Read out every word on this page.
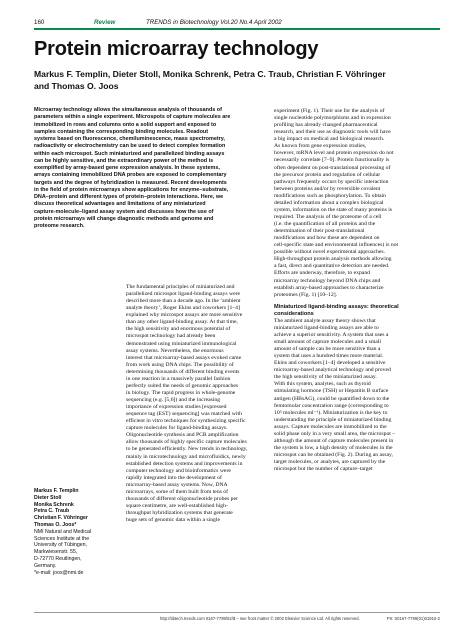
160	Review	TRENDS in Biotechnology Vol.20 No.4 April 2002
Protein microarray technology
Markus F. Templin, Dieter Stoll, Monika Schrenk, Petra C. Traub, Christian F. Vöhringer
and Thomas O. Joos
Microarray technology allows the simultaneous analysis of thousands of
parameters within a single experiment. Microspots of capture molecules are
immobilized in rows and columns onto a solid support and exposed to
samples containing the corresponding binding molecules. Readout
systems based on fluorescence, chemiluminescence, mass spectrometry,
radioactivity or electrochemistry can be used to detect complex formation
within each microspot. Such miniaturized and parallelized binding assays
can be highly sensitive, and the extraordinary power of the method is
exemplified by array-based gene expression analysis. In these systems,
arrays containing immobilized DNA probes are exposed to complementary
targets and the degree of hybridization is measured. Recent developments
in the field of protein microarrays show applications for enzyme–substrate,
DNA–protein and different types of protein–protein interactions. Here, we
discuss theoretical advantages and limitations of any miniaturized
capture-molecule–ligand assay system and discusses how the use of
protein microarrays will change diagnostic methods and genome and
proteome research.
The fundamental principles of miniaturized and
parallelized microspot ligand-binding assays were
described more than a decade ago. In the ‘ambient
analyte theory’, Roger Ekins and coworkers [1–4]
explained why microspot assays are more sensitive
than any other ligand-binding assay. At that time,
the high sensitivity and enormous potential of
microspot technology had already been
demonstrated using miniaturized immunological
assay systems. Nevertheless, the enormous
interest that microarray-based assays evoked came
from work using DNA chips. The possibility of
determining thousands of different binding events
in one reaction in a massively parallel fashion
perfectly suited the needs of genomic approaches
in biology. The rapid progress in whole-genome
sequencing (e.g. [5,6]) and the increasing
importance of expression studies [expressed
sequence tag (EST) sequencing] was matched with
efficient in vitro techniques for synthesizing specific
capture molecules for ligand-binding assays.
Oligonucleotide synthesis and PCR amplification
allow thousands of highly specific capture molecules
to be generated efficiently. New trends in technology,
mainly in microtechnology and microfluidics, newly
established detection systems and improvements in
computer technology and bioinformatics were
rapidly integrated into the development of
microarray-based assay systems. Now, DNA
microarrays, some of them built from tens of
thousands of different oligonucleotide probes per
square centimetre, are well-established high-
throughput hybridization systems that generate
huge sets of genomic data within a single
experiment (Fig. 1). Their use for the analysis of
single nucleotide polymorphisms and in expression
profiling has already changed pharmaceutical
research, and their use as diagnostic tools will have
a big impact on medical and biological research.
As known from gene expression studies,
however, mRNA level and protein expression do not
necessarily correlate [7–9]. Protein functionality is
often dependent on post-translational processing of
the precursor protein and regulation of cellular
pathways frequently occurs by specific interaction
between proteins and/or by reversible covalent
modifications such as phosphorylation. To obtain
detailed information about a complex biological
system, information on the state of many proteins is
required. The analysis of the proteome of a cell
(i.e. the quantification of all proteins and the
determination of their post-translational
modifications and how these are dependent on
cell-specific state and environmental influences) is not
possible without novel experimental approaches.
High-throughput protein analysis methods allowing
a fast, direct and quantitative detection are needed.
Efforts are underway, therefore, to expand
microarray technology beyond DNA chips and
establish array-based approaches to characterize
proteomes (Fig. 1) [10–12].
Miniaturized ligand-binding assays: theoretical
considerations
The ambient analyte assay theory shows that
miniaturized ligand-binding assays are able to
achieve a superior sensitivity. A system that uses a
small amount of capture molecules and a small
amount of sample can be more sensitive than a
system that uses a hundred times more material.
Ekins and coworkers [1–4] developed a sensitive
microarray-based analytical technology and proved
the high sensitivity of the miniaturized assay.
With this system, analytes, such as thyroid
stimulating hormone (TSH) or Hepatitis B surface
antigen (HBsAG), could be quantified down to the
femtomolar concentration range (corresponding to
10⁵ molecules ml⁻¹). Miniaturization is the key to
understanding the principle of miniaturized binding
assays. Capture molecules are immobilized to the
solid phase only in a very small area, the microspot –
although the amount of capture molecules present in
the system is low, a high density of molecules in the
microspot can be obtained (Fig. 2). During an assay,
target molecules, or analytes, are captured by the
microspot but the number of capture–target
Markus F. Templin
Dieter Stoll
Monika Schrenk
Petra C. Traub
Christian F. Vöhringer
Thomas O. Joos*
NMI Natural and Medical
Sciences Institute at the
University of Tübingen,
Markwiesenstr. 55,
D-72770 Reutlingen,
Germany.
*e-mail: joos@nmi.de
http://tibtech.trends.com 0167-7799/02/$ – see front matter © 2002 Elsevier Science Ltd. All rights reserved.	PII: S0167-7799(01)01910-2
